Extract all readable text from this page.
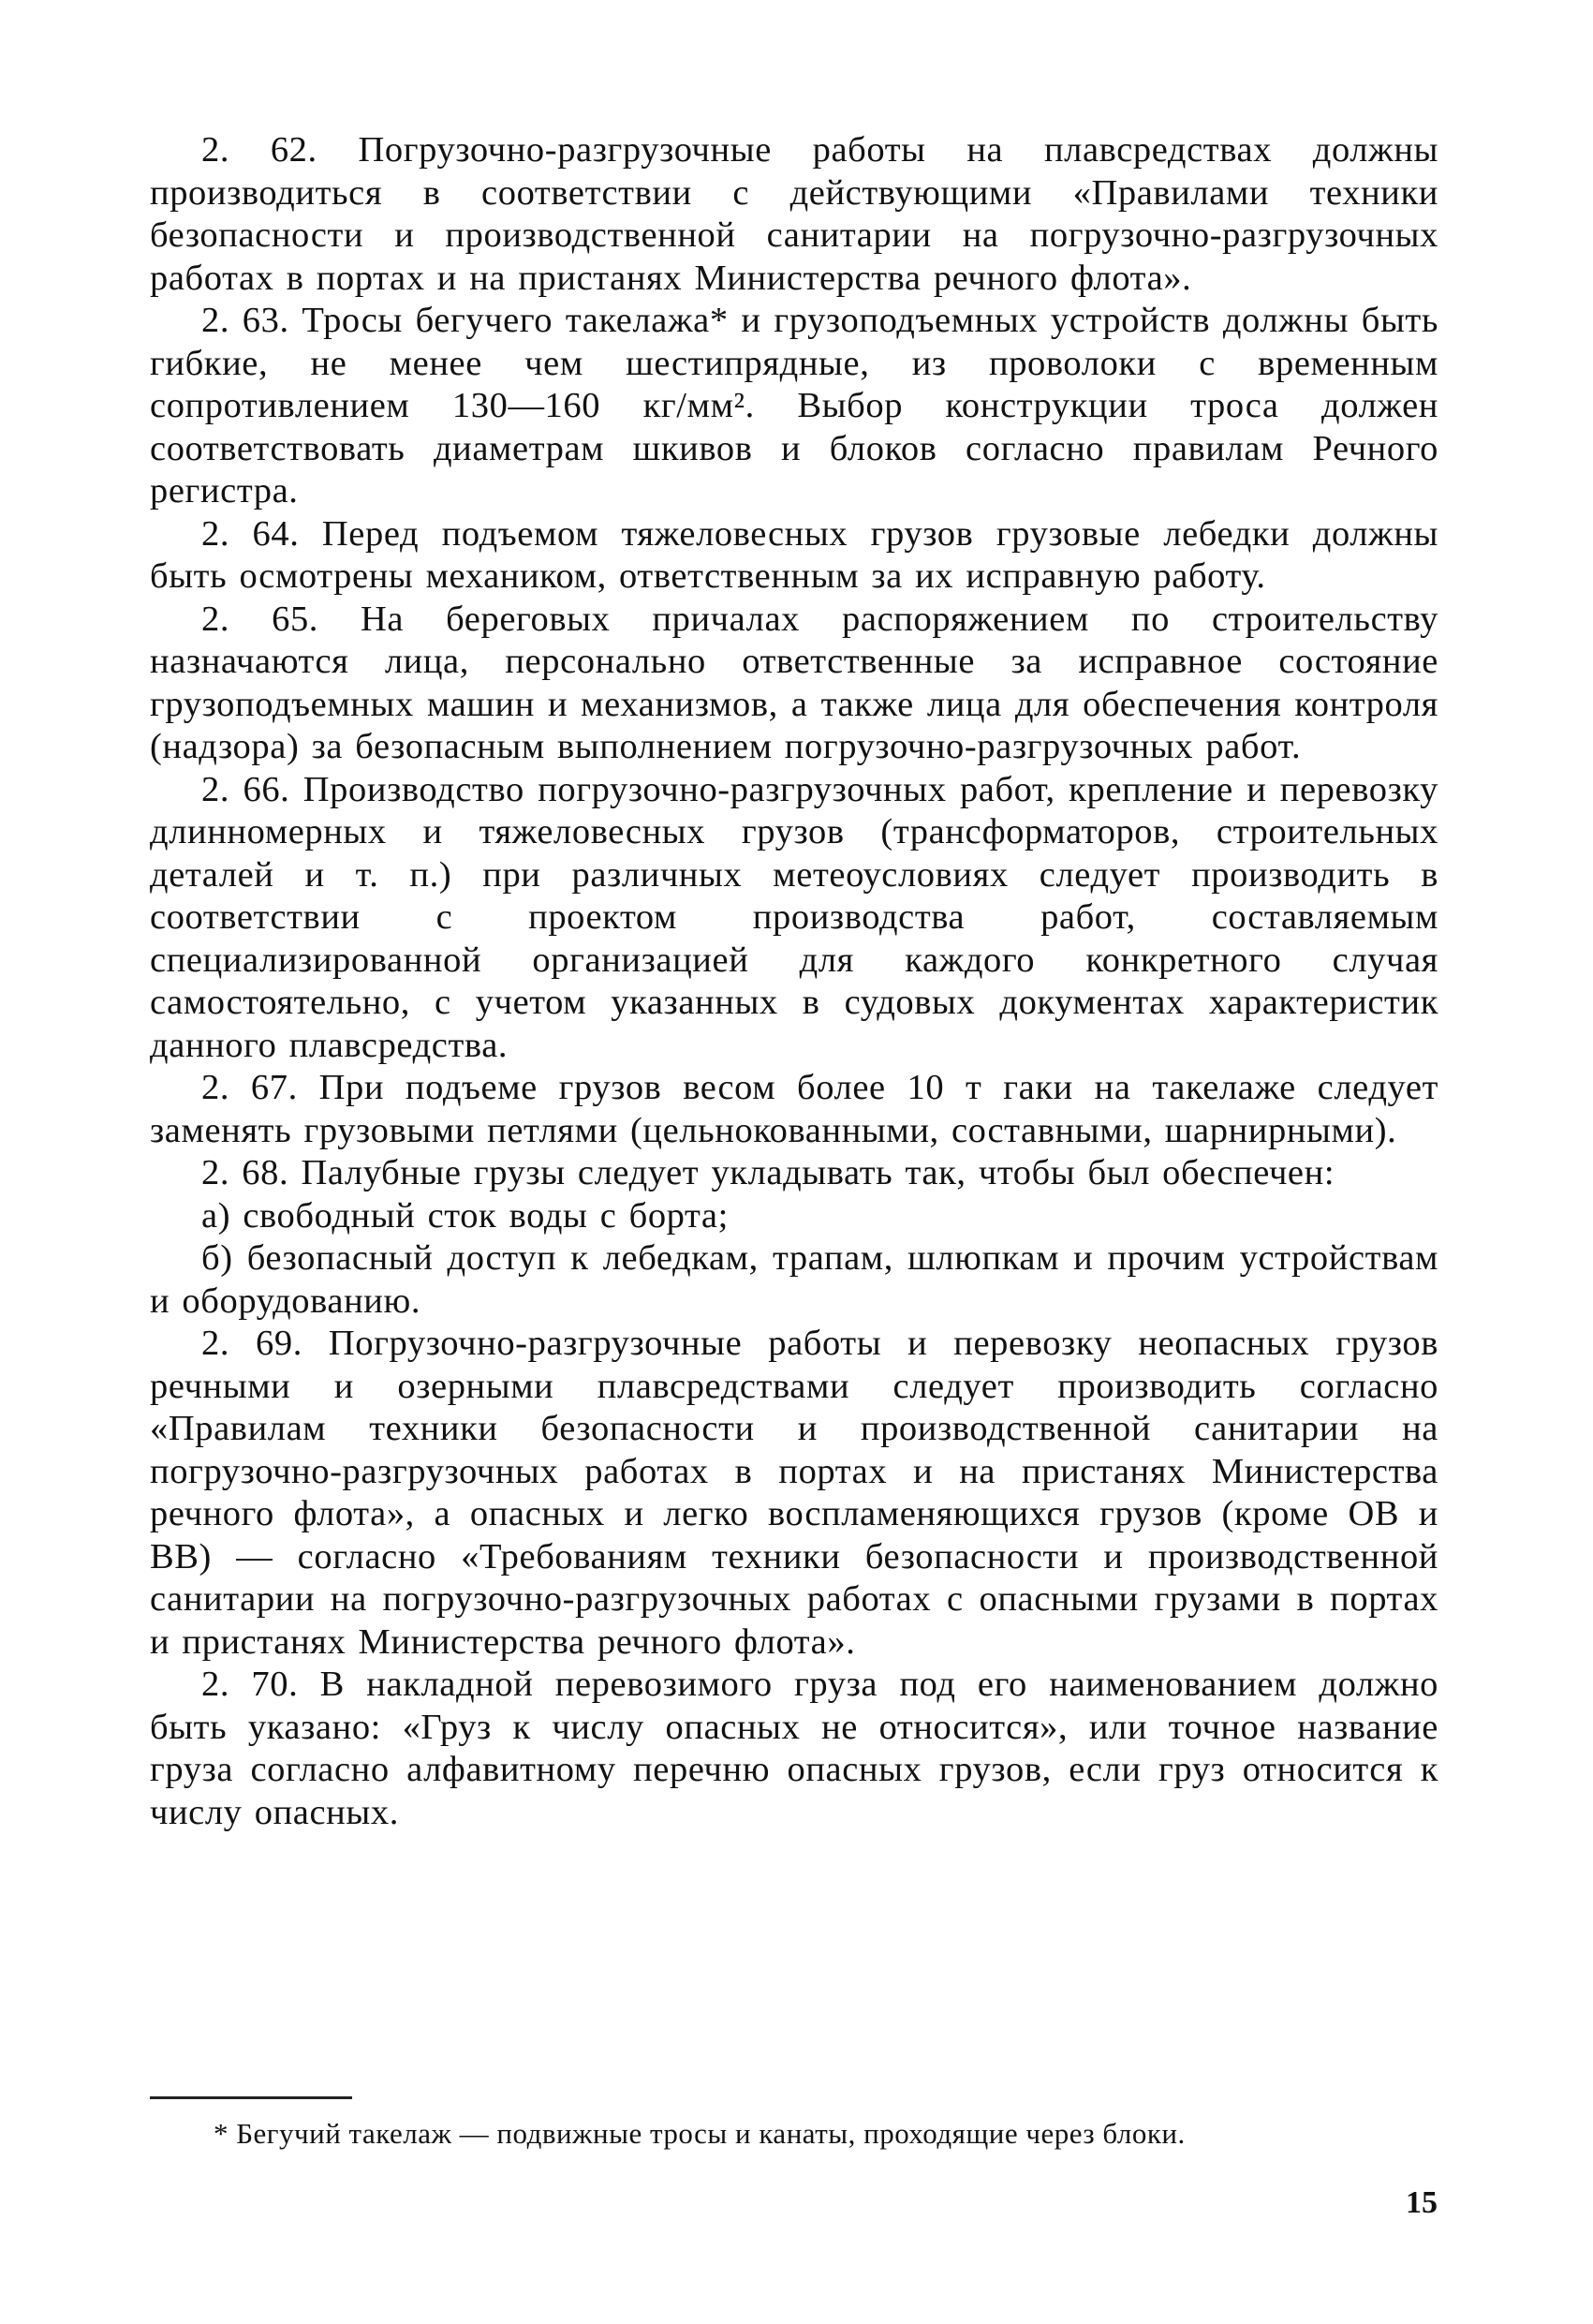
2. 62. Погрузочно-разгрузочные работы на плавсредствах должны производиться в соответствии с действующими «Правилами техники безопасности и производственной санитарии на погрузочно-разгрузочных работах в портах и на пристанях Министерства речного флота».

2. 63. Тросы бегучего такелажа* и грузоподъемных устройств должны быть гибкие, не менее чем шестипрядные, из проволоки с временным сопротивлением 130—160 кг/мм². Выбор конструкции троса должен соответствовать диаметрам шкивов и блоков согласно правилам Речного регистра.

2. 64. Перед подъемом тяжеловесных грузов грузовые лебедки должны быть осмотрены механиком, ответственным за их исправную работу.

2. 65. На береговых причалах распоряжением по строительству назначаются лица, персонально ответственные за исправное состояние грузоподъемных машин и механизмов, а также лица для обеспечения контроля (надзора) за безопасным выполнением погрузочно-разгрузочных работ.

2. 66. Производство погрузочно-разгрузочных работ, крепление и перевозку длинномерных и тяжеловесных грузов (трансформаторов, строительных деталей и т. п.) при различных метеоусловиях следует производить в соответствии с проектом производства работ, составляемым специализированной организацией для каждого конкретного случая самостоятельно, с учетом указанных в судовых документах характеристик данного плавсредства.

2. 67. При подъеме грузов весом более 10 т гаки на такелаже следует заменять грузовыми петлями (цельнокованными, составными, шарнирными).

2. 68. Палубные грузы следует укладывать так, чтобы был обеспечен:

а) свободный сток воды с борта;

б) безопасный доступ к лебедкам, трапам, шлюпкам и прочим устройствам и оборудованию.

2. 69. Погрузочно-разгрузочные работы и перевозку неопасных грузов речными и озерными плавсредствами следует производить согласно «Правилам техники безопасности и производственной санитарии на погрузочно-разгрузочных работах в портах и на пристанях Министерства речного флота», а опасных и легко воспламеняющихся грузов (кроме ОВ и ВВ) — согласно «Требованиям техники безопасности и производственной санитарии на погрузочно-разгрузочных работах с опасными грузами в портах и пристанях Министерства речного флота».

2. 70. В накладной перевозимого груза под его наименованием должно быть указано: «Груз к числу опасных не относится», или точное название груза согласно алфавитному перечню опасных грузов, если груз относится к числу опасных.

* Бегучий такелаж — подвижные тросы и канаты, проходящие через блоки.

15
